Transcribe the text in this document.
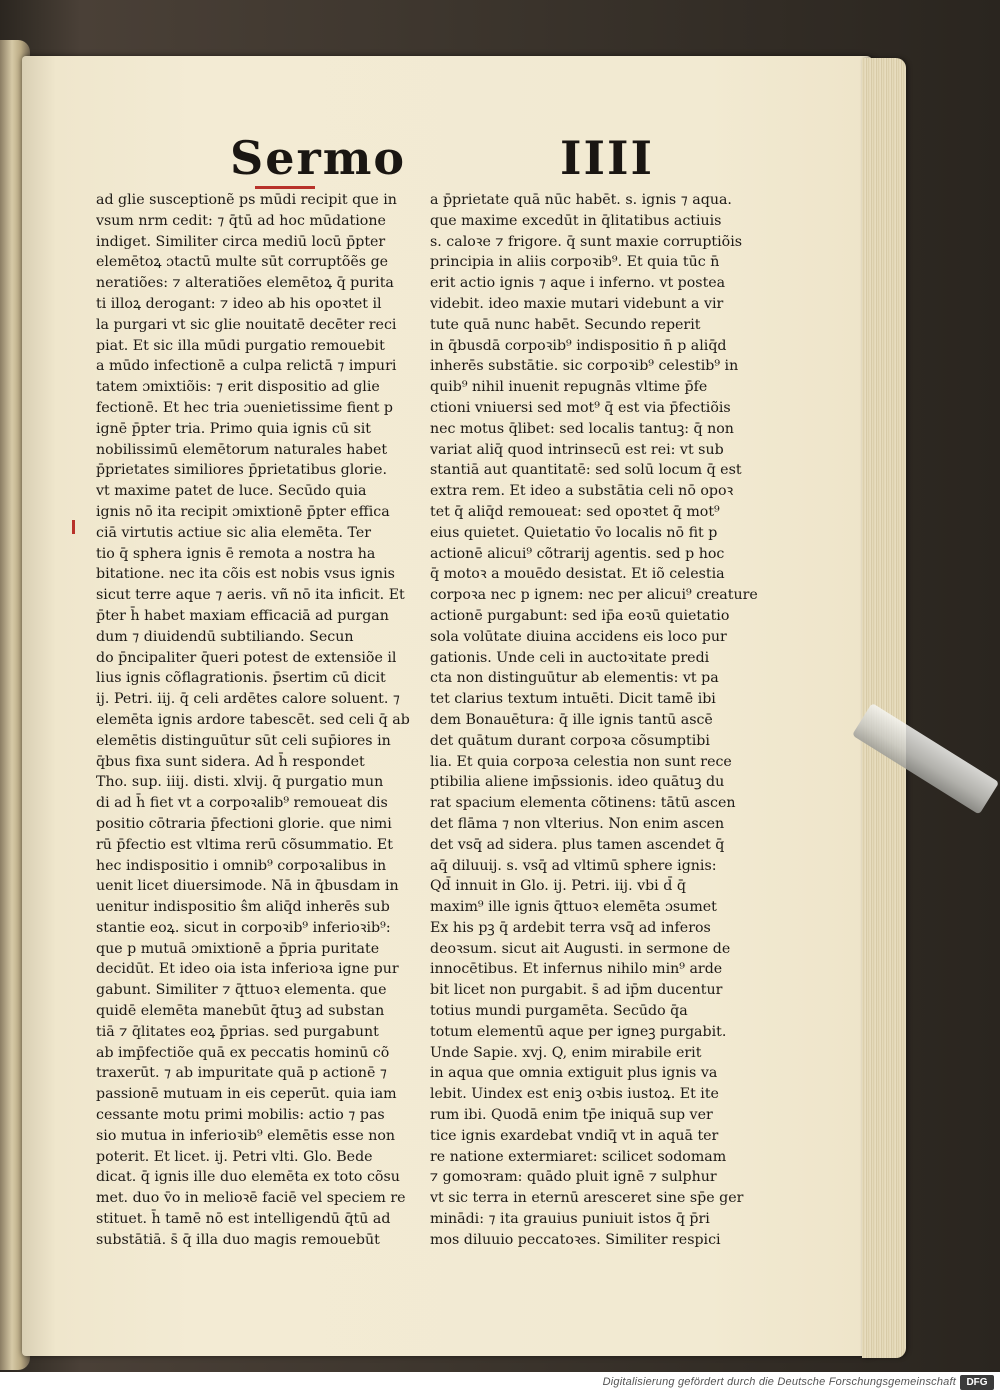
Sermo	IIII
ad glie susceptionẽ ps mūdi recipit que in
vsum nrm cedit: ⁊ q̄tū ad hoc mūdatione
indiget. Similiter circa mediū locū p̄pter
elemētoꝝ ɔtactū multe sūt corruptõẽs ge
neratiões: ⁊ alteratiões elemētoꝝ q̄ purita
ti illoꝝ derogant: ⁊ ideo ab his opoꝛtet il
la purgari vt sic glie nouitatē decēter reci
piat. Et sic illa mūdi purgatio remouebit
a mūdo infectionē a culpa relictā ⁊ impuri
tatem ɔmixtiõis: ⁊ erit dispositio ad glie
fectionē. Et hec tria ɔuenietissime fient p
ignē p̄pter tria. Primo quia ignis cū sit
nobilissimū elemētorum naturales habet
p̄prietates similiores p̄prietatibus glorie.
vt maxime patet de luce. Secūdo quia
ignis nō ita recipit ɔmixtionē p̄pter effica
ciā virtutis actiue sic alia elemēta. Ter
tio q̄ sphera ignis ē remota a nostra ha
bitatione. nec ita cõis est nobis vsus ignis
sicut terre aque ⁊ aeris. vñ nō ita inficit. Et
p̄ter h̄ habet maxiam efficaciā ad purgan
dum ⁊ diuidendū subtiliando. Secun
do p̄ncipaliter q̄ueri potest de extensiõe il
lius ignis cõflagrationis. p̄sertim cū dicit
ij. Petri. iij. q̄ celi ardētes calore soluent. ⁊
elemēta ignis ardore tabescēt. sed celi q̄ ab
elemētis distinguūtur sūt celi sup̄iores in
q̄bus fixa sunt sidera. Ad h̄ respondet
Tho. sup. iiij. disti. xlvij. q̄ purgatio mun
di ad h̄ fiet vt a corpoꝛalib⁹ remoueat dis
positio cōtraria p̄fectioni glorie. que nimi
rū p̄fectio est vltima rerū cõsummatio. Et
hec indispositio i omnib⁹ corpoꝛalibus in
uenit licet diuersimode. Nā in q̄busdam in
uenitur indispositio ŝm aliq̄d inherēs sub
stantie eoꝝ. sicut in corpoꝛib⁹ inferioꝛib⁹:
que p mutuā ɔmixtionē a p̄pria puritate
decidūt. Et ideo oia ista inferioꝛa igne pur
gabunt. Similiter ⁊ q̄ttuoꝛ elementa. que
quidē elemēta manebūt q̄tuꝫ ad substan
tiā ⁊ q̄litates eoꝝ p̄prias. sed purgabunt
ab imp̄fectiõe quā ex peccatis hominū cõ
traxerūt. ⁊ ab impuritate quā p actionē ⁊
passionē mutuam in eis ceperūt. quia iam
cessante motu primi mobilis: actio ⁊ pas
sio mutua in inferioꝛib⁹ elemētis esse non
poterit. Et licet. ij. Petri vlti. Glo. Bede
dicat. q̄ ignis ille duo elemēta ex toto cõsu
met. duo v̄o in melioꝛē faciē vel speciem re
stituet. h̄ tamē nō est intelligendū q̄tū ad
substātiā. s̄ q̄ illa duo magis remouebūt
a p̄prietate quā nūc habēt. s. ignis ⁊ aqua.
que maxime excedūt in q̄litatibus actiuis
s. caloꝛe ⁊ frigore. q̄ sunt maxie corruptiõis
principia in aliis corpoꝛib⁹. Et quia tūc n̄
erit actio ignis ⁊ aque i inferno. vt postea
videbit. ideo maxie mutari videbunt a vir
tute quā nunc habēt. Secundo reperit
in q̄busdā corpoꝛib⁹ indispositio n̄ p aliq̄d
inherēs substātie. sic corpoꝛib⁹ celestib⁹ in
quib⁹ nihil inuenit repugnās vltime p̄fe
ctioni vniuersi sed mot⁹ q̄ est via p̄fectiõis
nec motus q̄libet: sed localis tantuꝫ: q̄ non
variat aliq̄ quod intrinsecū est rei: vt sub
stantiā aut quantitatē: sed solū locum q̄ est
extra rem. Et ideo a substātia celi nō opoꝛ
tet q̄ aliq̄d remoueat: sed opoꝛtet q̄ mot⁹
eius quietet. Quietatio v̄o localis nō fit p
actionē alicui⁹ cõtrarij agentis. sed p hoc
q̄ motoꝛ a mouēdo desistat. Et iõ celestia
corpoꝛa nec p ignem: nec per alicui⁹ creature
actionē purgabunt: sed ip̄a eoꝛū quietatio
sola volūtate diuina accidens eis loco pur
gationis. Unde celi in auctoꝛitate predi
cta non distinguūtur ab elementis: vt pa
tet clarius textum intuēti. Dicit tamē ibi
dem Bonauētura: q̄ ille ignis tantū ascē
det quātum durant corpoꝛa cõsumptibi
lia. Et quia corpoꝛa celestia non sunt rece
ptibilia aliene imp̄ssionis. ideo quātuꝫ du
rat spacium elementa cõtinens: tātū ascen
det flāma ⁊ non vlterius. Non enim ascen
det vsq̄ ad sidera. plus tamen ascendet q̄
aq̄ diluuij. s. vsq̄ ad vltimū sphere ignis:
Qd̄ innuit in Glo. ij. Petri. iij. vbi d̄ q̄
maxim⁹ ille ignis q̄ttuoꝛ elemēta ɔsumet
Ex his pꝫ q̄ ardebit terra vsq̄ ad inferos
deoꝛsum. sicut ait Augusti. in sermone de
innocētibus. Et infernus nihilo min⁹ arde
bit licet non purgabit. s̄ ad ip̄m ducentur
totius mundi purgamēta. Secūdo q̄a
totum elementū aque per igneꝫ purgabit.
Unde Sapie. xvj. Q, enim mirabile erit
in aqua que omnia extiguit plus ignis va
lebit. Uindex est eniꝫ oꝛbis iustoꝝ. Et ite
rum ibi. Quodā enim tp̄e iniquā sup ver
tice ignis exardebat vndiq̄ vt in aquā ter
re natione extermiaret: scilicet sodomam
⁊ gomoꝛram: quādo pluit ignē ⁊ sulphur
vt sic terra in eternū aresceret sine sp̄e ger
minādi: ⁊ ita grauius puniuit istos q̄ p̄ri
mos diluuio peccatoꝛes. Similiter respici
Digitalisierung gefördert durch die Deutsche Forschungsgemeinschaft	DFG
